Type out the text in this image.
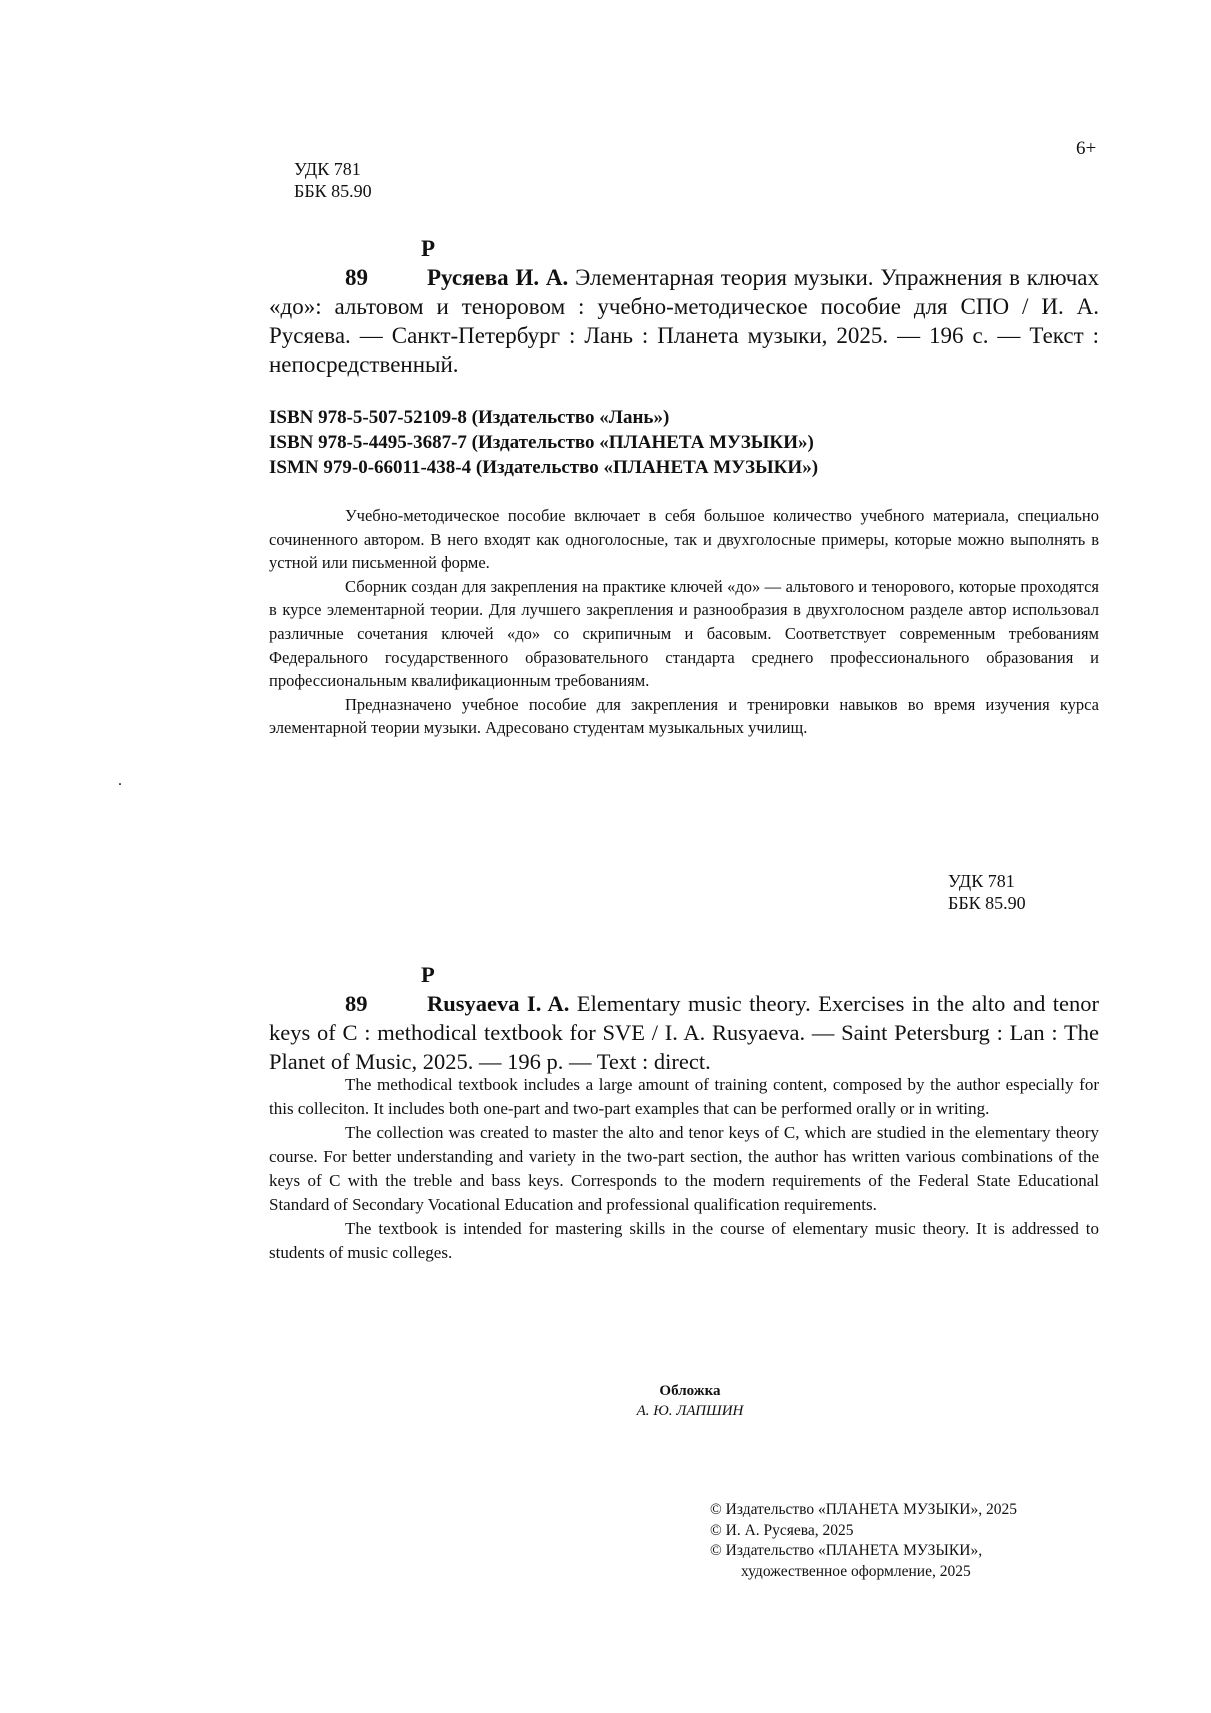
6+
УДК 781
ББК 85.90
Р 89	Русяева И. А. Элементарная теория музыки. Упражнения в ключах «до»: альтовом и теноровом : учебно-методическое пособие для СПО / И. А. Русяева. — Санкт-Петербург : Лань : Планета музыки, 2025. — 196 с. — Текст : непосредственный.
ISBN 978-5-507-52109-8 (Издательство «Лань»)
ISBN 978-5-4495-3687-7 (Издательство «ПЛАНЕТА МУЗЫКИ»)
ISMN 979-0-66011-438-4 (Издательство «ПЛАНЕТА МУЗЫКИ»)

Учебно-методическое пособие включает в себя большое количество учебного материала, специально сочиненного автором. В него входят как одноголосные, так и двухголосные примеры, которые можно выполнять в устной или письменной форме.

Сборник создан для закрепления на практике ключей «до» — альтового и тенорового, которые проходятся в курсе элементарной теории. Для лучшего закрепления и разнообразия в двухголосном разделе автор использовал различные сочетания ключей «до» со скрипичным и басовым. Соответствует современным требованиям Федерального государственного образовательного стандарта среднего профессионального образования и профессиональным квалификационным требованиям.

Предназначено учебное пособие для закрепления и тренировки навыков во время изучения курса элементарной теории музыки. Адресовано студентам музыкальных училищ.

.
УДК 781
ББК 85.90
Р 89	Rusyaeva I. A. Elementary music theory. Exercises in the alto and tenor keys of C : methodical textbook for SVE / I. A. Rusyaeva. — Saint Petersburg : Lan : The Planet of Music, 2025. — 196 p. — Text : direct.

The methodical textbook includes a large amount of training content, composed by the author especially for this colleciton. It includes both one-part and two-part examples that can be performed orally or in writing.

The collection was created to master the alto and tenor keys of C, which are studied in the elementary theory course. For better understanding and variety in the two-part section, the author has written various combinations of the keys of C with the treble and bass keys. Corresponds to the modern requirements of the Federal State Educational Standard of Secondary Vocational Education and professional qualification requirements.

The textbook is intended for mastering skills in the course of elementary music theory. It is addressed to students of music colleges.

Обложка
А. Ю. ЛАПШИН
© Издательство «ПЛАНЕТА МУЗЫКИ», 2025
© И. А. Русяева, 2025
© Издательство «ПЛАНЕТА МУЗЫКИ»,
художественное оформление, 2025
